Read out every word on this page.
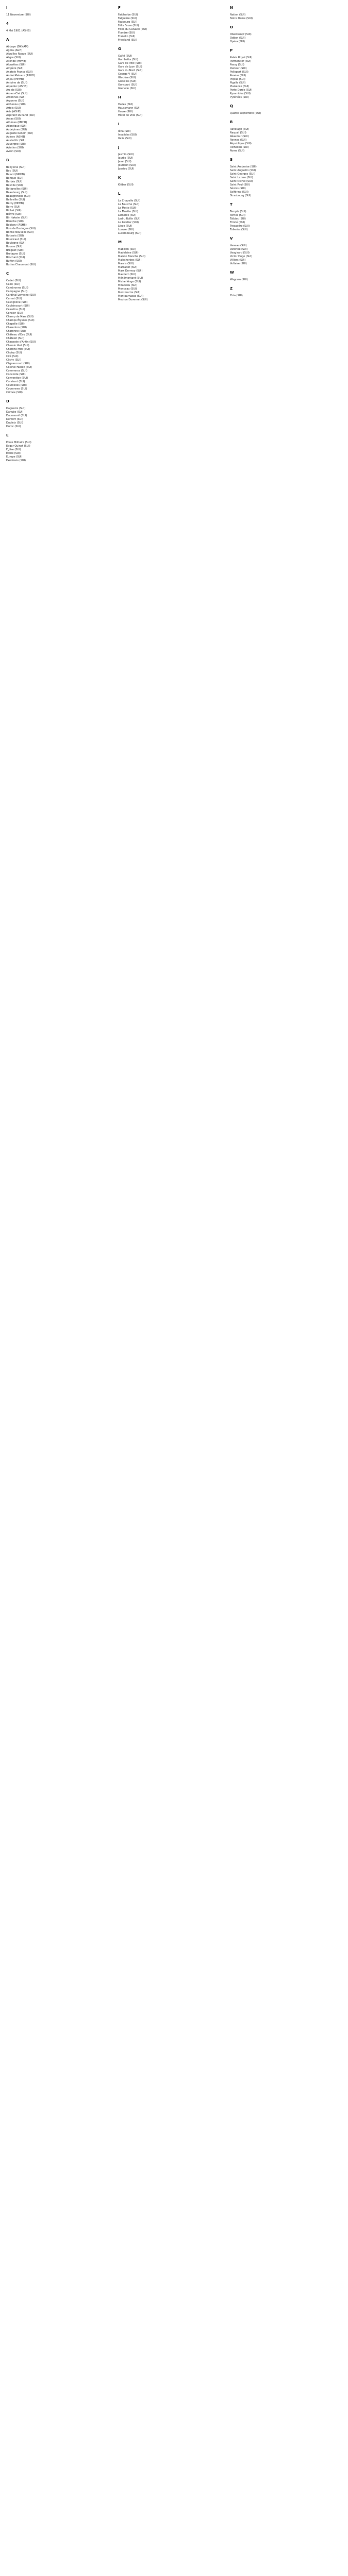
I
11 Novembre (SUI)
4
4 Mai 1981 (ASHB)
A
Abbaye (DKNAM)
Agora (AGH)
Aiguilles Rouge (SUI)
Aligre (SUI)
Allende (MPHB)
Alouettes (SUI)
Ampère (SUI)
Anatole France (SUI)
André Malraux (ASHB)
Anjou (MPHB)
Antoine de (SUI)
Aqueduc (ASHB)
Arc de (SUI)
Arc-en-Ciel (SUI)
Ardennes (SUI)
Argonne (SUI)
Arrhenius (SUI)
Artois (SUI)
Arts (ASHB)
Aspirant Dunand (SUI)
Assas (SUI)
Athènes (MPHB)
Atlantique (SUI)
Aubépines (SUI)
Auguste Renoir (SUI)
Aulnay (ASHB)
Austerlitz (SUI)
Auvergne (SUI)
Aviation (SUI)
Avron (SUI)
B
Babylone (SUI)
Bac (SUI)
Balard (MPHB)
Banque (SUI)
Barbès (SUI)
Bastille (SUI)
Batignolles (SUI)
Beaubourg (SUI)
Beaugrenelle (SUI)
Belleville (SUI)
Bercy (MPHB)
Berry (SUI)
Bichat (SUI)
Bièvre (SUI)
Bir Hakeim (SUI)
Blanche (SUI)
Bobigny (ASHB)
Bois de Boulogne (SUI)
Bonne Nouvelle (SUI)
Botzaris (SUI)
Boucicaut (SUI)
Boulogne (SUI)
Bourse (SUI)
Bréguet (SUI)
Bretagne (SUI)
Brochant (SUI)
Buffon (SUI)
Buttes Chaumont (SUI)
C
Cadet (SUI)
Caire (SUI)
Cambronne (SUI)
Campagne (SUI)
Cardinal Lemoine (SUI)
Carnot (SUI)
Castiglione (SUI)
Caulaincourt (SUI)
Célestins (SUI)
Censier (SUI)
Champ de Mars (SUI)
Champs Élysées (SUI)
Chapelle (SUI)
Charenton (SUI)
Charonne (SUI)
Château d'Eau (SUI)
Châtelet (SUI)
Chaussée d'Antin (SUI)
Chemin Vert (SUI)
Cherche Midi (SUI)
Choisy (SUI)
Cité (SUI)
Clichy (SUI)
Clignancourt (SUI)
Colonel Fabien (SUI)
Commerce (SUI)
Concorde (SUI)
Convention (SUI)
Corvisart (SUI)
Courcelles (SUI)
Couronnes (SUI)
Crimée (SUI)
D
Daguerre (SUI)
Danube (SUI)
Daumesnil (SUI)
Denfert (SUI)
Dupleix (SUI)
Duroc (SUI)
E
École Militaire (SUI)
Edgar Quinet (SUI)
Église (SUI)
Étoile (SUI)
Europe (SUI)
Exelmans (SUI)
F
Faidherbe (SUI)
Falguière (SUI)
Faubourg (SUI)
Félix Faure (SUI)
Filles du Calvaire (SUI)
Flandre (SUI)
Franklin (SUI)
Friedland (SUI)
G
Gaîté (SUI)
Gambetta (SUI)
Gare de l'Est (SUI)
Gare de Lyon (SUI)
Gare du Nord (SUI)
George V (SUI)
Glacière (SUI)
Gobelins (SUI)
Goncourt (SUI)
Grenelle (SUI)
H
Halles (SUI)
Haussmann (SUI)
Havre (SUI)
Hôtel de Ville (SUI)
I
Iéna (SUI)
Invalides (SUI)
Italie (SUI)
J
Jasmin (SUI)
Jaurès (SUI)
Javel (SUI)
Jourdain (SUI)
Jussieu (SUI)
K
Kléber (SUI)
L
La Chapelle (SUI)
La Fourche (SUI)
La Motte (SUI)
La Muette (SUI)
Lamarck (SUI)
Ledru Rollin (SUI)
Le Peletier (SUI)
Liège (SUI)
Louvre (SUI)
Luxembourg (SUI)
M
Mabillon (SUI)
Madeleine (SUI)
Maison Blanche (SUI)
Malesherbes (SUI)
Marais (SUI)
Marcadet (SUI)
Marx Dormoy (SUI)
Maubert (SUI)
Ménilmontant (SUI)
Michel Ange (SUI)
Mirabeau (SUI)
Monceau (SUI)
Montmartre (SUI)
Montparnasse (SUI)
Mouton Duvernet (SUI)
N
Nation (SUI)
Notre Dame (SUI)
O
Oberkampf (SUI)
Odéon (SUI)
Opéra (SUI)
P
Palais Royal (SUI)
Parmentier (SUI)
Passy (SUI)
Pasteur (SUI)
Pelleport (SUI)
Pereire (SUI)
Picpus (SUI)
Pigalle (SUI)
Plaisance (SUI)
Porte Dorée (SUI)
Pyramides (SUI)
Pyrénées (SUI)
Q
Quatre Septembre (SUI)
R
Ranelagh (SUI)
Raspail (SUI)
Réaumur (SUI)
Rennes (SUI)
République (SUI)
Richelieu (SUI)
Rome (SUI)
S
Saint Ambroise (SUI)
Saint Augustin (SUI)
Saint Georges (SUI)
Saint Lazare (SUI)
Saint Michel (SUI)
Saint Paul (SUI)
Sèvres (SUI)
Solférino (SUI)
Strasbourg (SUI)
T
Temple (SUI)
Ternes (SUI)
Tolbiac (SUI)
Trinité (SUI)
Trocadéro (SUI)
Tuileries (SUI)
V
Vaneau (SUI)
Varenne (SUI)
Vaugirard (SUI)
Victor Hugo (SUI)
Villiers (SUI)
Voltaire (SUI)
W
Wagram (SUI)
Z
Zola (SUI)
